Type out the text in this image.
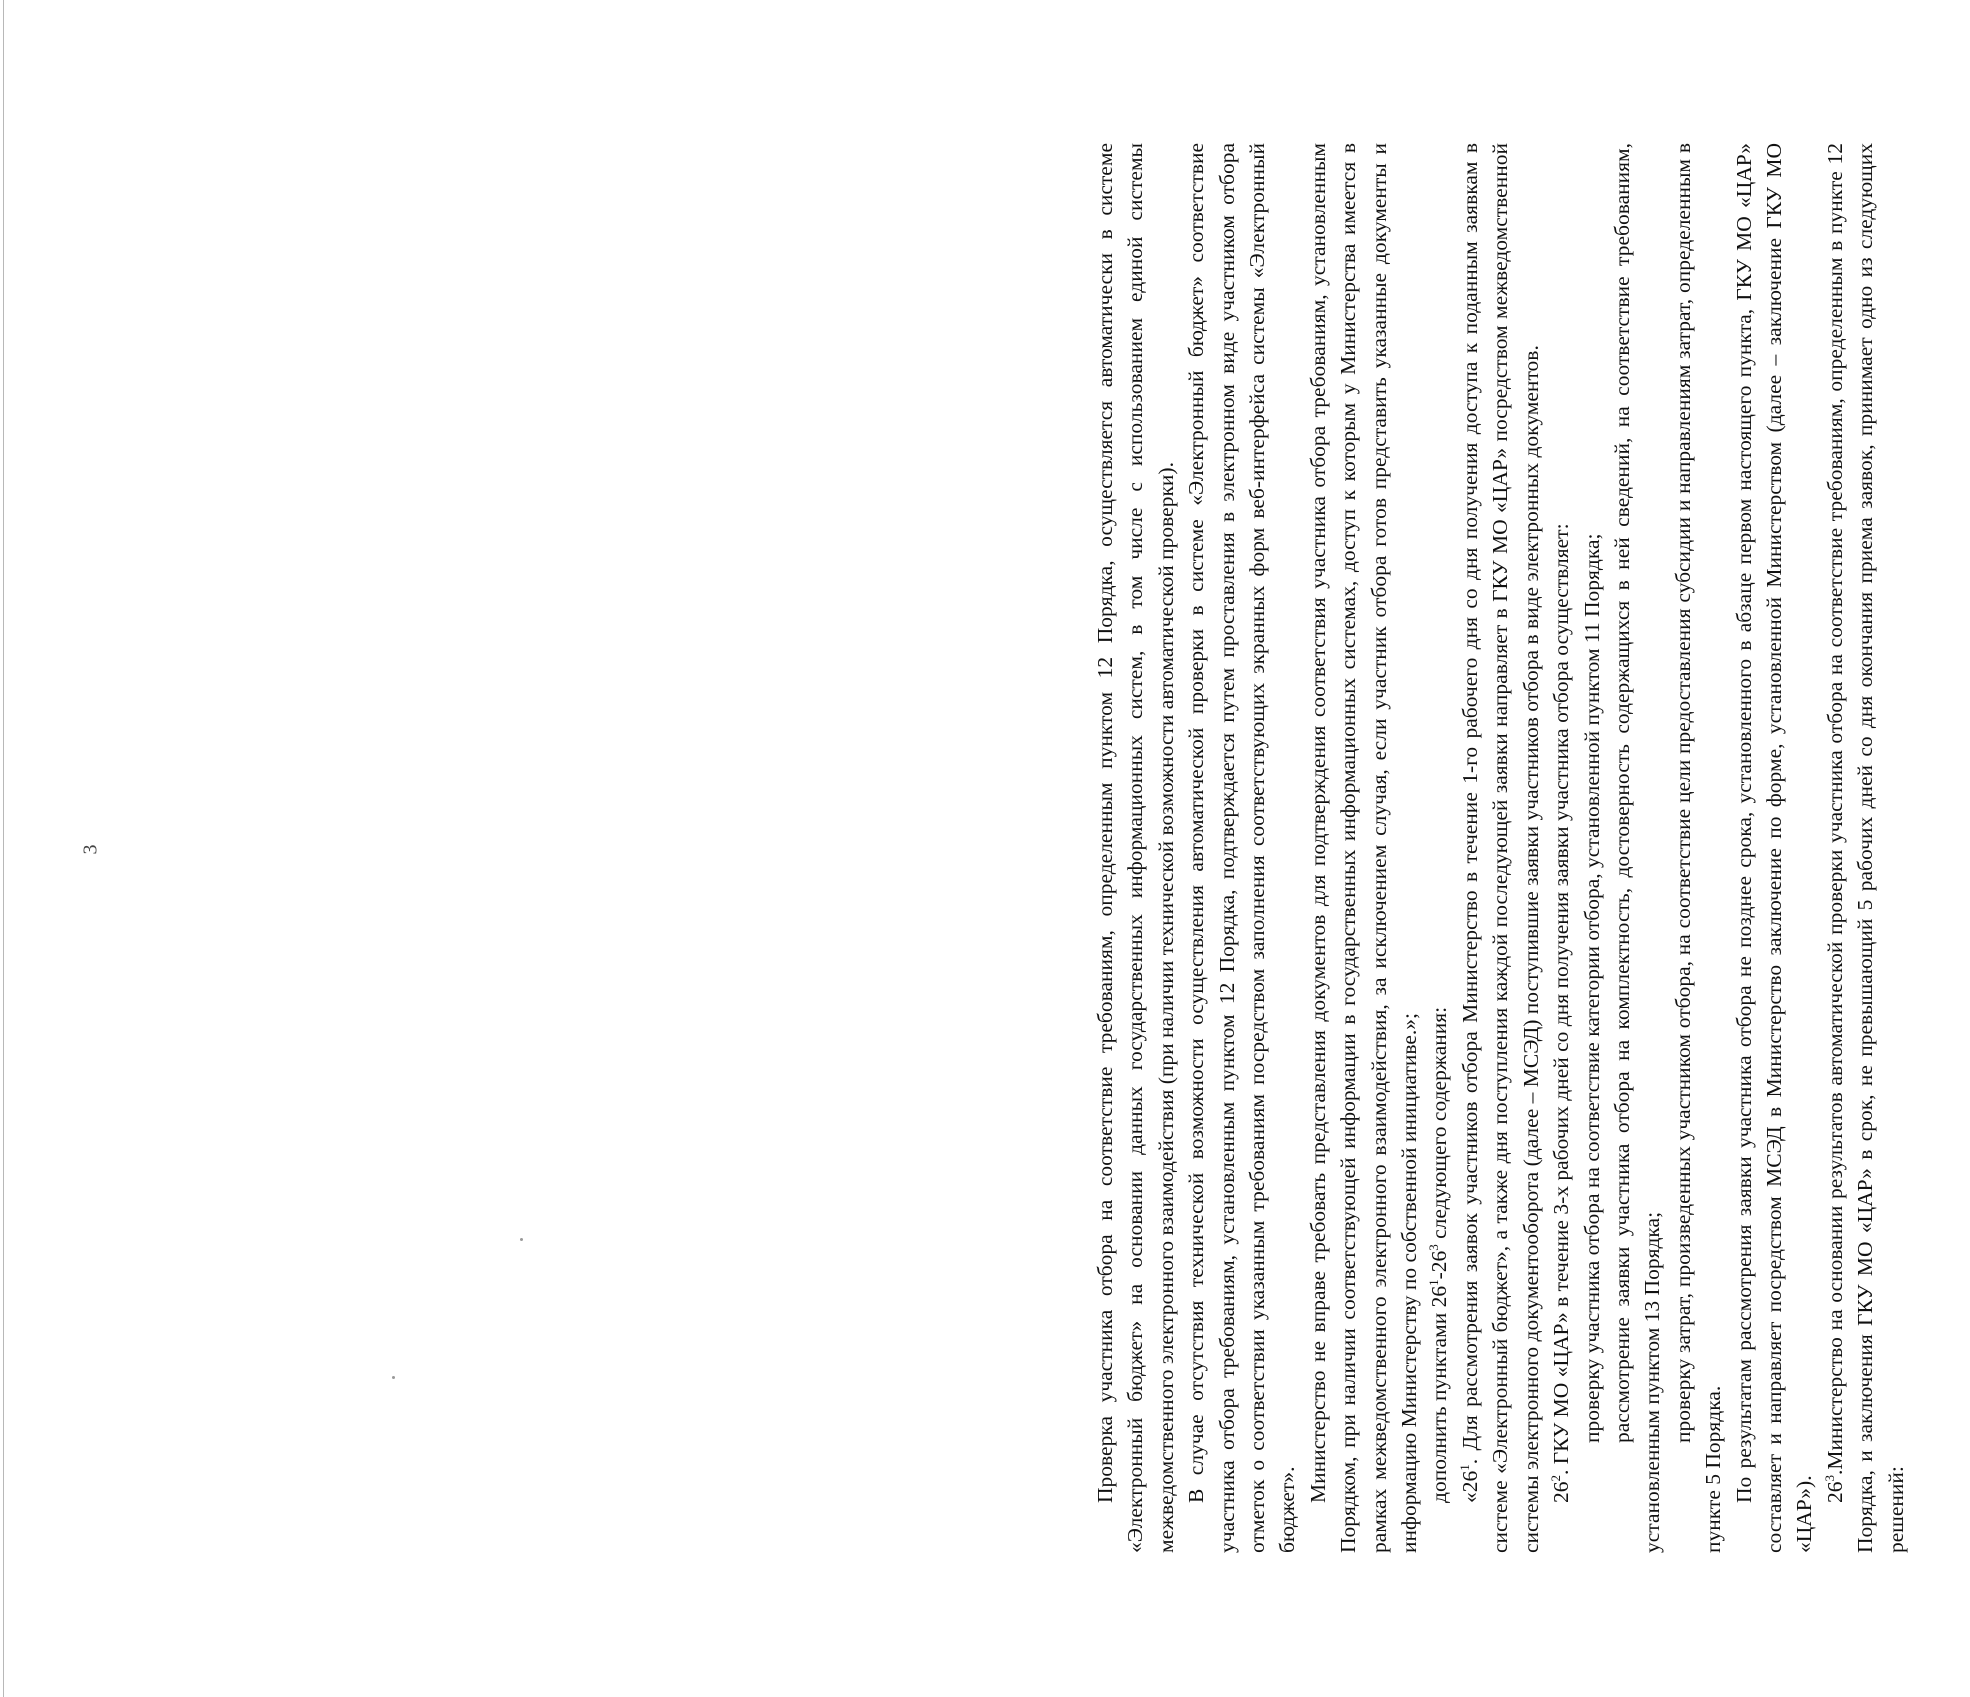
3	Проверка участника отбора на соответствие требованиям, определенным пунктом 12 Порядка, осуществляется автоматически в системе «Электронный бюджет» на основании данных государственных информационных систем, в том числе с использованием единой системы межведомственного электронного взаимодействия (при наличии технической возможности автоматической проверки). В случае отсутствия технической возможности осуществления автоматической проверки в системе «Электронный бюджет» соответствие участника отбора требованиям, установленным пунктом 12 Порядка, подтверждается путем проставления в электронном виде участником отбора отметок о соответствии указанным требованиям посредством заполнения соответствующих экранных форм веб-интерфейса системы «Электронный бюджет».

Министерство не вправе требовать представления документов для подтверждения соответствия участника отбора требованиям, установленным Порядком, при наличии соответствующей информации в государственных информационных системах, доступ к которым у Министерства имеется в рамках межведомственного электронного взаимодействия, за исключением случая, если участник отбора готов представить указанные документы и информацию Министерству по собственной инициативе.»; дополнить пунктами $26^1-26^3$ следующего содержания:

«$26^1$. Для рассмотрения заявок участников отбора Министерство в течение 1-го рабочего дня со дня получения доступа к поданным заявкам в системе «Электронный бюджет», а также дня поступления каждой последующей заявки направляет в ГКУ МО «ЦАР» посредством межведомственной системы электронного документооборота (далее – МСЭД) поступившие заявки участников отбора в виде электронных документов. $26^2$. ГКУ МО «ЦАР» в течение 3-х рабочих дней со дня получения заявки участника отбора осуществляет: проверку участника отбора на соответствие категории отбора, установленной пунктом 11 Порядка; рассмотрение заявки участника отбора на комплектность, достоверность содержащихся в ней сведений, на соответствие требованиям, установленным пунктом 13 Порядка; проверку затрат, произведенных участником отбора, на соответствие цели предоставления субсидии и направлениям затрат, определенным в пункте 5 Порядка. По результатам рассмотрения заявки участника отбора не позднее срока, установленного в абзаце первом настоящего пункта, ГКУ МО «ЦАР» составляет и направляет посредством МСЭД в Министерство заключение по форме, установленной Министерством (далее – заключение ГКУ МО «ЦАР»). $26^3.Министерство$ на основании результатов автоматической проверки участника отбора на соответствие требованиям, определенным в пункте 12 Порядка, и заключения ГКУ МО «ЦАР» в срок, не превышающий 5 рабочих дней со дня окончания приема заявок, принимает одно из следующих решений:
